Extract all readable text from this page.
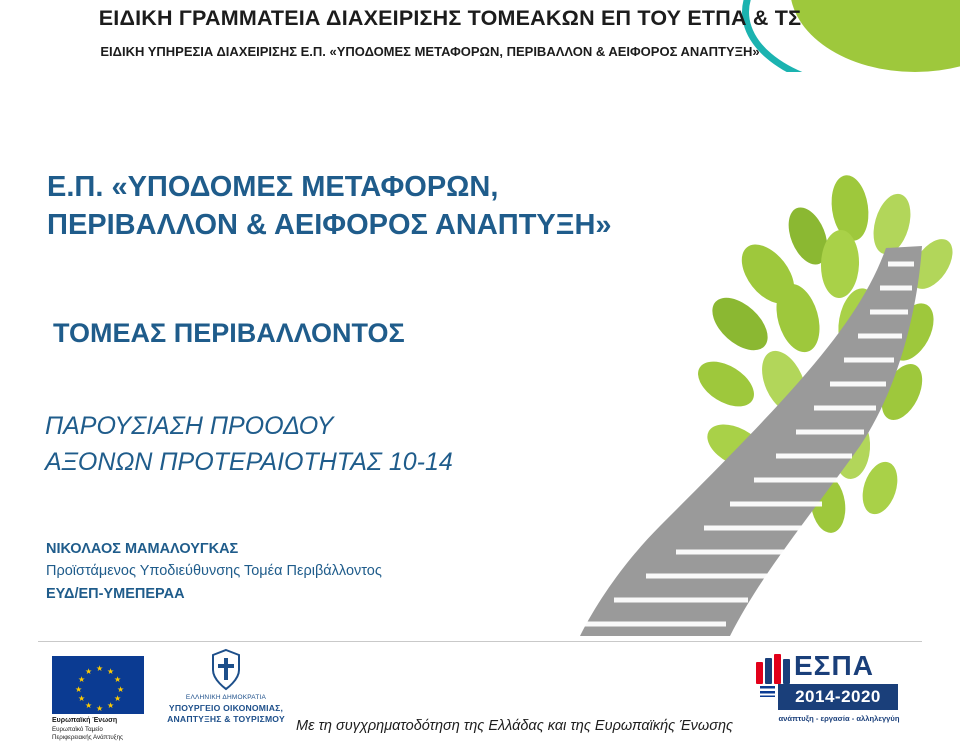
ΕΙΔΙΚΗ ΓΡΑΜΜΑΤΕΙΑ ΔΙΑΧΕΙΡΙΣΗΣ ΤΟΜΕΑΚΩΝ ΕΠ ΤΟΥ ΕΤΠΑ & ΤΣ
ΕΙΔΙΚΗ ΥΠΗΡΕΣΙΑ ΔΙΑΧΕΙΡΙΣΗΣ Ε.Π. «ΥΠΟΔΟΜΕΣ ΜΕΤΑΦΟΡΩΝ, ΠΕΡΙΒΑΛΛΟΝ & ΑΕΙΦΟΡΟΣ ΑΝΑΠΤΥΞΗ»
Ε.Π. «ΥΠΟΔΟΜΕΣ ΜΕΤΑΦΟΡΩΝ,
ΠΕΡΙΒΑΛΛΟΝ & ΑΕΙΦΟΡΟΣ ΑΝΑΠΤΥΞΗ»
ΤΟΜΕΑΣ ΠΕΡΙΒΑΛΛΟΝΤΟΣ
ΠΑΡΟΥΣΙΑΣΗ ΠΡΟΟΔΟΥ
ΑΞΟΝΩΝ ΠΡΟΤΕΡΑΙΟΤΗΤΑΣ 10-14
ΝΙΚΟΛΑΟΣ ΜΑΜΑΛΟΥΓΚΑΣ
Προϊστάμενος Υποδιεύθυνσης Τομέα Περιβάλλοντος
ΕΥΔ/ΕΠ-ΥΜΕΠΕΡΑΑ
★ ★
★
★
★
★
★
★
★
★
★
★
Ευρωπαϊκή Ένωση
Ευρωπαϊκό Ταμείο
Περιφερειακής Ανάπτυξης
ΕΛΛΗΝΙΚΗ ΔΗΜΟΚΡΑΤΙΑ
ΥΠΟΥΡΓΕΙΟ ΟΙΚΟΝΟΜΙΑΣ,
ΑΝΑΠΤΥΞΗΣ & ΤΟΥΡΙΣΜΟΥ Με τη συγχρηματοδότηση της Ελλάδας και της Ευρωπαϊκής Ένωσης
ΕΣΠΑ
2014-2020
ανάπτυξη - εργασία - αλληλεγγύη
